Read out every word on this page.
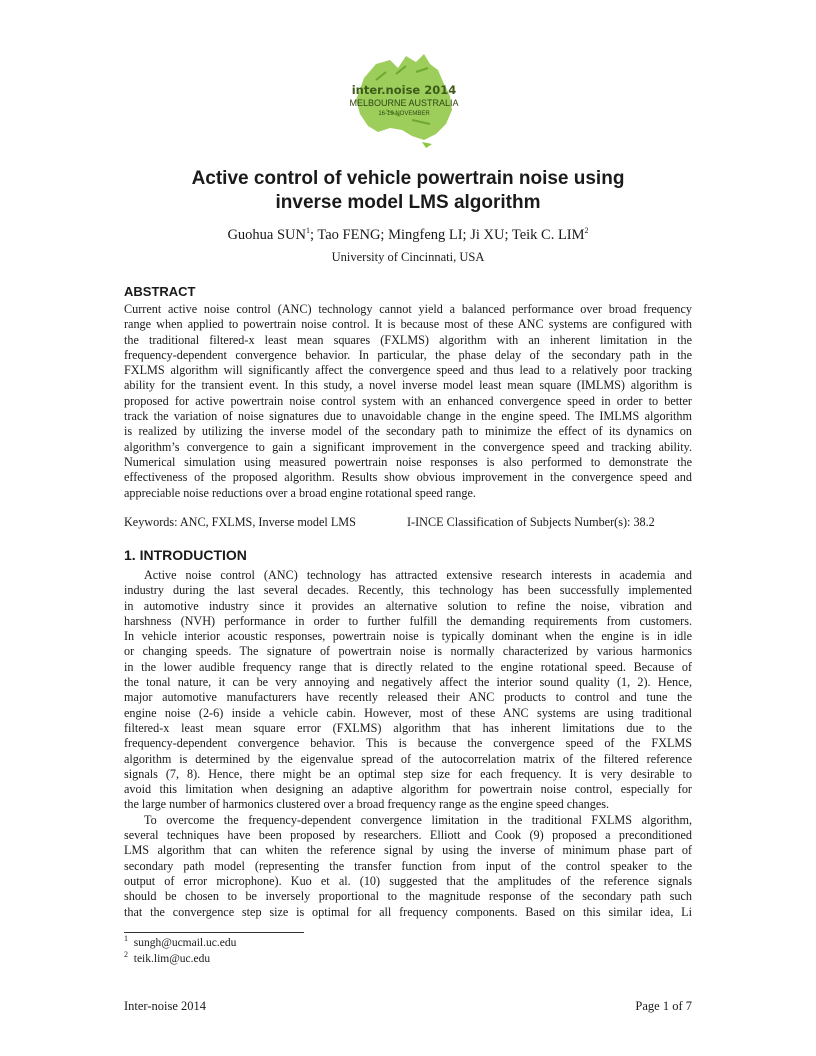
inter.noise 2014
MELBOURNE AUSTRALIA
16-19 NOVEMBER
Active control of vehicle powertrain noise using
inverse model LMS algorithm
Guohua SUN$^1$; Tao FENG; Mingfeng LI; Ji XU; Teik C. LIM$^2$
University of Cincinnati, USA
ABSTRACT
Current active noise control (ANC) technology cannot yield a balanced performance over broad frequency
range when applied to powertrain noise control. It is because most of these ANC systems are configured with
the traditional filtered-x least mean squares (FXLMS) algorithm with an inherent limitation in the
frequency-dependent convergence behavior. In particular, the phase delay of the secondary path in the
FXLMS algorithm will significantly affect the convergence speed and thus lead to a relatively poor tracking
ability for the transient event. In this study, a novel inverse model least mean square (IMLMS) algorithm is
proposed for active powertrain noise control system with an enhanced convergence speed in order to better
track the variation of noise signatures due to unavoidable change in the engine speed. The IMLMS algorithm
is realized by utilizing the inverse model of the secondary path to minimize the effect of its dynamics on
algorithm’s convergence to gain a significant improvement in the convergence speed and tracking ability.
Numerical simulation using measured powertrain noise responses is also performed to demonstrate the
effectiveness of the proposed algorithm. Results show obvious improvement in the convergence speed and
appreciable noise reductions over a broad engine rotational speed range.
Keywords: ANC, FXLMS, Inverse model LMS	I-INCE Classification of Subjects Number(s): 38.2
1. INTRODUCTION
Active noise control (ANC) technology has attracted extensive research interests in academia and
industry during the last several decades. Recently, this technology has been successfully implemented
in automotive industry since it provides an alternative solution to refine the noise, vibration and
harshness (NVH) performance in order to further fulfill the demanding requirements from customers.
In vehicle interior acoustic responses, powertrain noise is typically dominant when the engine is in idle
or changing speeds. The signature of powertrain noise is normally characterized by various harmonics
in the lower audible frequency range that is directly related to the engine rotational speed. Because of
the tonal nature, it can be very annoying and negatively affect the interior sound quality (1, 2). Hence,
major automotive manufacturers have recently released their ANC products to control and tune the
engine noise (2-6) inside a vehicle cabin. However, most of these ANC systems are using traditional
filtered-x least mean square error (FXLMS) algorithm that has inherent limitations due to the
frequency-dependent convergence behavior. This is because the convergence speed of the FXLMS
algorithm is determined by the eigenvalue spread of the autocorrelation matrix of the filtered reference
signals (7, 8). Hence, there might be an optimal step size for each frequency. It is very desirable to
avoid this limitation when designing an adaptive algorithm for powertrain noise control, especially for
the large number of harmonics clustered over a broad frequency range as the engine speed changes.
To overcome the frequency-dependent convergence limitation in the traditional FXLMS algorithm,
several techniques have been proposed by researchers. Elliott and Cook (9) proposed a preconditioned
LMS algorithm that can whiten the reference signal by using the inverse of minimum phase part of
secondary path model (representing the transfer function from input of the control speaker to the
output of error microphone). Kuo et al. (10) suggested that the amplitudes of the reference signals
should be chosen to be inversely proportional to the magnitude response of the secondary path such
that the convergence step size is optimal for all frequency components. Based on this similar idea, Li
$^1$ sungh@ucmail.uc.edu
$^2$ teik.lim@uc.edu
Inter-noise 2014	Page 1 of 7
